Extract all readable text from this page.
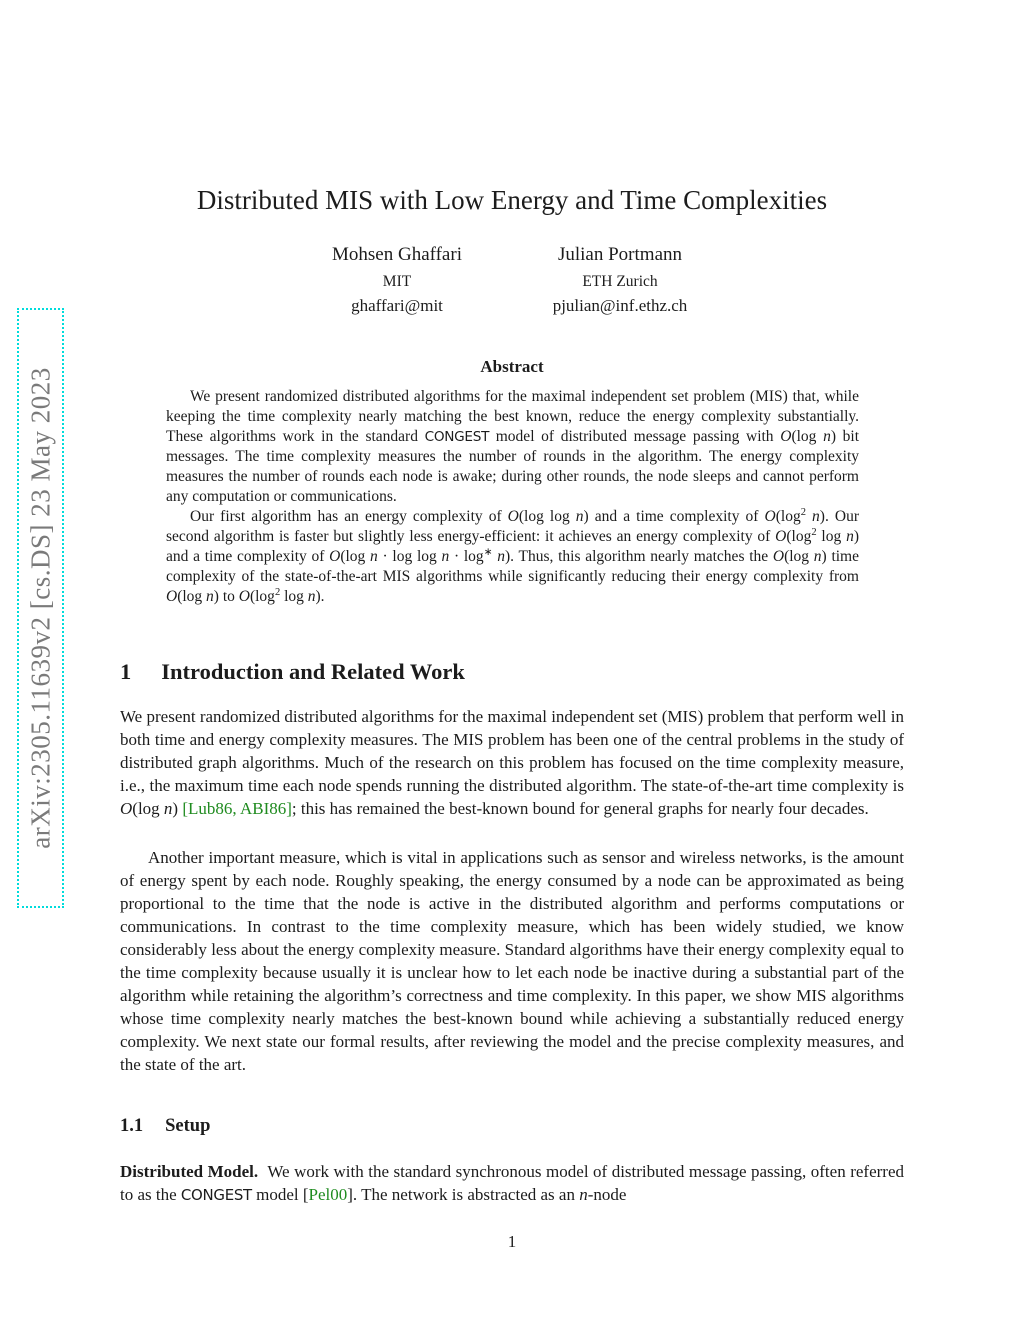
arXiv:2305.11639v2 [cs.DS] 23 May 2023
Distributed MIS with Low Energy and Time Complexities
Mohsen Ghaffari
MIT
ghaffari@mit
Julian Portmann
ETH Zurich
pjulian@inf.ethz.ch
Abstract

We present randomized distributed algorithms for the maximal independent set problem (MIS) that, while keeping the time complexity nearly matching the best known, reduce the energy complexity substantially. These algorithms work in the standard CONGEST model of distributed message passing with O(log n) bit messages. The time complexity measures the number of rounds in the algorithm. The energy complexity measures the number of rounds each node is awake; during other rounds, the node sleeps and cannot perform any computation or communications.

Our first algorithm has an energy complexity of O(log log n) and a time complexity of $O(\log^2$ n). Our second algorithm is faster but slightly less energy-efficient: it achieves an energy complexity of $O(\log^2$ log n) and a time complexity of O(log n · log log n · log∗ n). Thus, this algorithm nearly matches the O(log n) time complexity of the state-of-the-art MIS algorithms while significantly reducing their energy complexity from O(log n) to $O(\log^2$ log n).

1 Introduction and Related Work

We present randomized distributed algorithms for the maximal independent set (MIS) problem that perform well in both time and energy complexity measures. The MIS problem has been one of the central problems in the study of distributed graph algorithms. Much of the research on this problem has focused on the time complexity measure, i.e., the maximum time each node spends running the distributed algorithm. The state-of-the-art time complexity is O(log n) [Lub86, ABI86]; this has remained the best-known bound for general graphs for nearly four decades.

Another important measure, which is vital in applications such as sensor and wireless networks, is the amount of energy spent by each node. Roughly speaking, the energy consumed by a node can be approximated as being proportional to the time that the node is active in the distributed algorithm and performs computations or communications. In contrast to the time complexity measure, which has been widely studied, we know considerably less about the energy complexity measure. Standard algorithms have their energy complexity equal to the time complexity because usually it is unclear how to let each node be inactive during a substantial part of the algorithm while retaining the algorithm’s correctness and time complexity. In this paper, we show MIS algorithms whose time complexity nearly matches the best-known bound while achieving a substantially reduced energy complexity. We next state our formal results, after reviewing the model and the precise complexity measures, and the state of the art.

1.1 Setup

Distributed Model. We work with the standard synchronous model of distributed message passing, often referred to as the CONGEST model [Pel00]. The network is abstracted as an n-node

1
